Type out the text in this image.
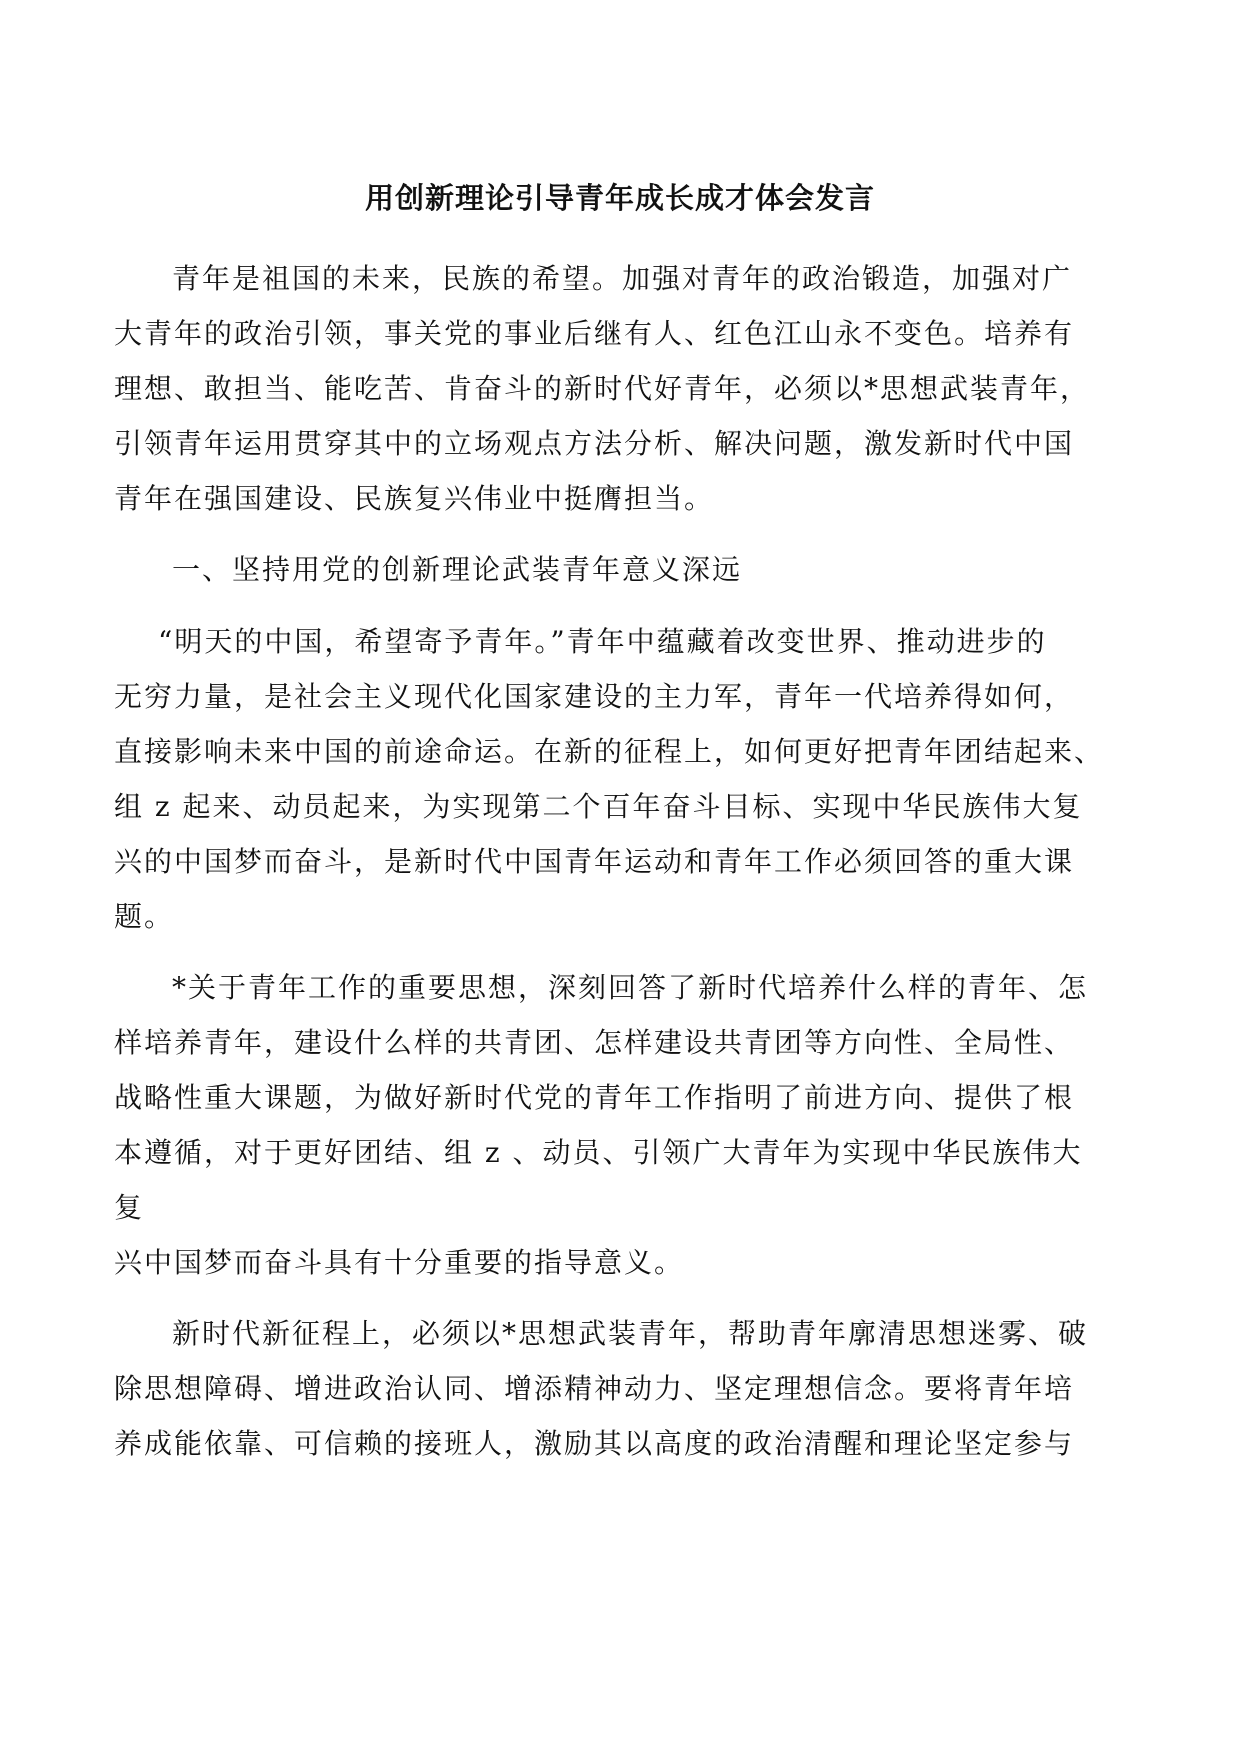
用创新理论引导青年成长成才体会发言
青年是祖国的未来，民族的希望。加强对青年的政治锻造，加强对广
大青年的政治引领，事关党的事业后继有人、红色江山永不变色。培养有
理想、敢担当、能吃苦、肯奋斗的新时代好青年，必须以*思想武装青年，
引领青年运用贯穿其中的立场观点方法分析、解决问题，激发新时代中国
青年在强国建设、民族复兴伟业中挺膺担当。
一、坚持用党的创新理论武装青年意义深远
“明天的中国，希望寄予青年。”青年中蕴藏着改变世界、推动进步的
无穷力量，是社会主义现代化国家建设的主力军，青年一代培养得如何，
直接影响未来中国的前途命运。在新的征程上，如何更好把青年团结起来、
组 z 起来、动员起来，为实现第二个百年奋斗目标、实现中华民族伟大复
兴的中国梦而奋斗，是新时代中国青年运动和青年工作必须回答的重大课
题。
*关于青年工作的重要思想，深刻回答了新时代培养什么样的青年、怎
样培养青年，建设什么样的共青团、怎样建设共青团等方向性、全局性、
战略性重大课题，为做好新时代党的青年工作指明了前进方向、提供了根
本遵循，对于更好团结、组 z 、动员、引领广大青年为实现中华民族伟大
复
兴中国梦而奋斗具有十分重要的指导意义。
新时代新征程上，必须以*思想武装青年，帮助青年廓清思想迷雾、破
除思想障碍、增进政治认同、增添精神动力、坚定理想信念。要将青年培
养成能依靠、可信赖的接班人，激励其以高度的政治清醒和理论坚定参与
